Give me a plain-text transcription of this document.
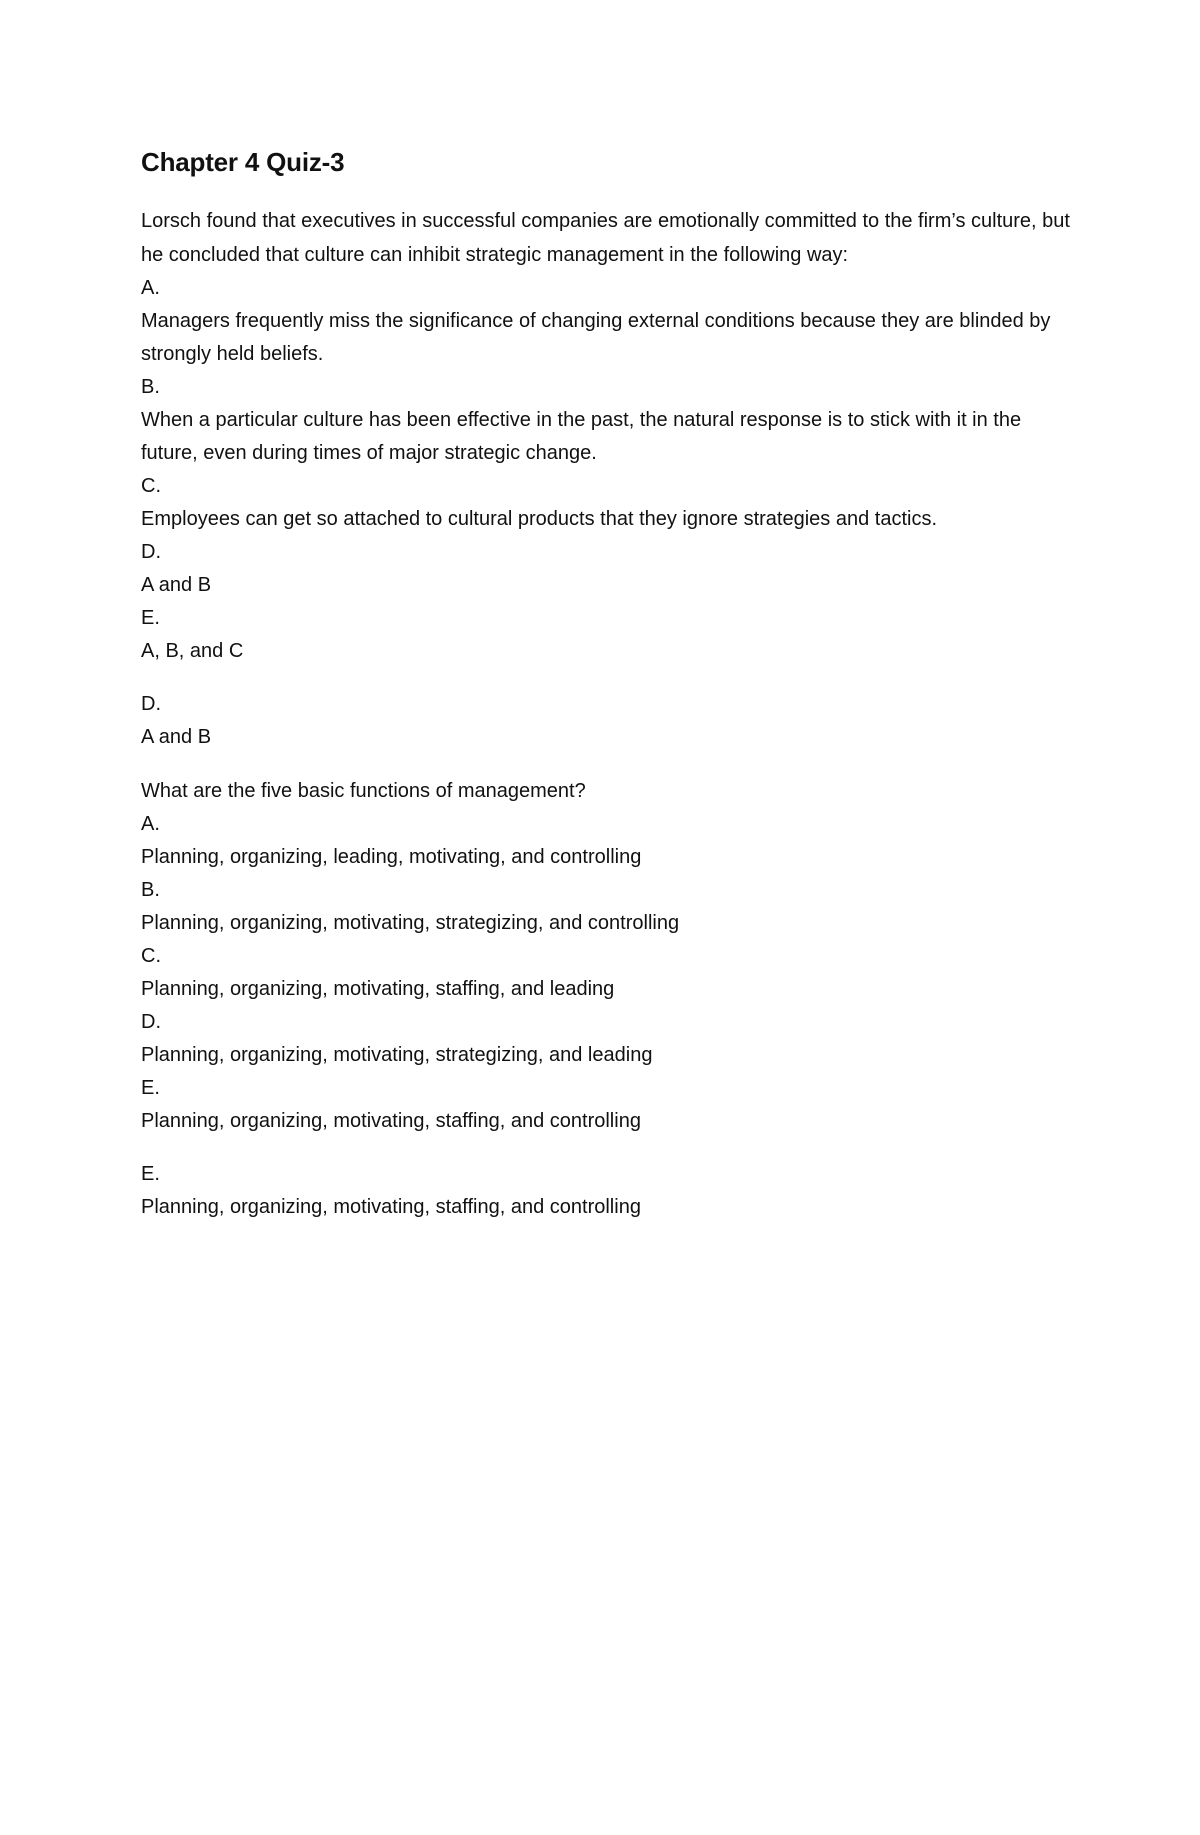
Chapter 4 Quiz-3

Lorsch found that executives in successful companies are emotionally committed to the firm’s culture, but he concluded that culture can inhibit strategic management in the following way:

A.

Managers frequently miss the significance of changing external conditions because they are blinded by strongly held beliefs.

B.

When a particular culture has been effective in the past, the natural response is to stick with it in the future, even during times of major strategic change.

C.

Employees can get so attached to cultural products that they ignore strategies and tactics.

D.

A and B

E.

A, B, and C

D.

A and B

What are the five basic functions of management?

A.

Planning, organizing, leading, motivating, and controlling

B.

Planning, organizing, motivating, strategizing, and controlling

C.

Planning, organizing, motivating, staffing, and leading

D.

Planning, organizing, motivating, strategizing, and leading

E.

Planning, organizing, motivating, staffing, and controlling

E.

Planning, organizing, motivating, staffing, and controlling
